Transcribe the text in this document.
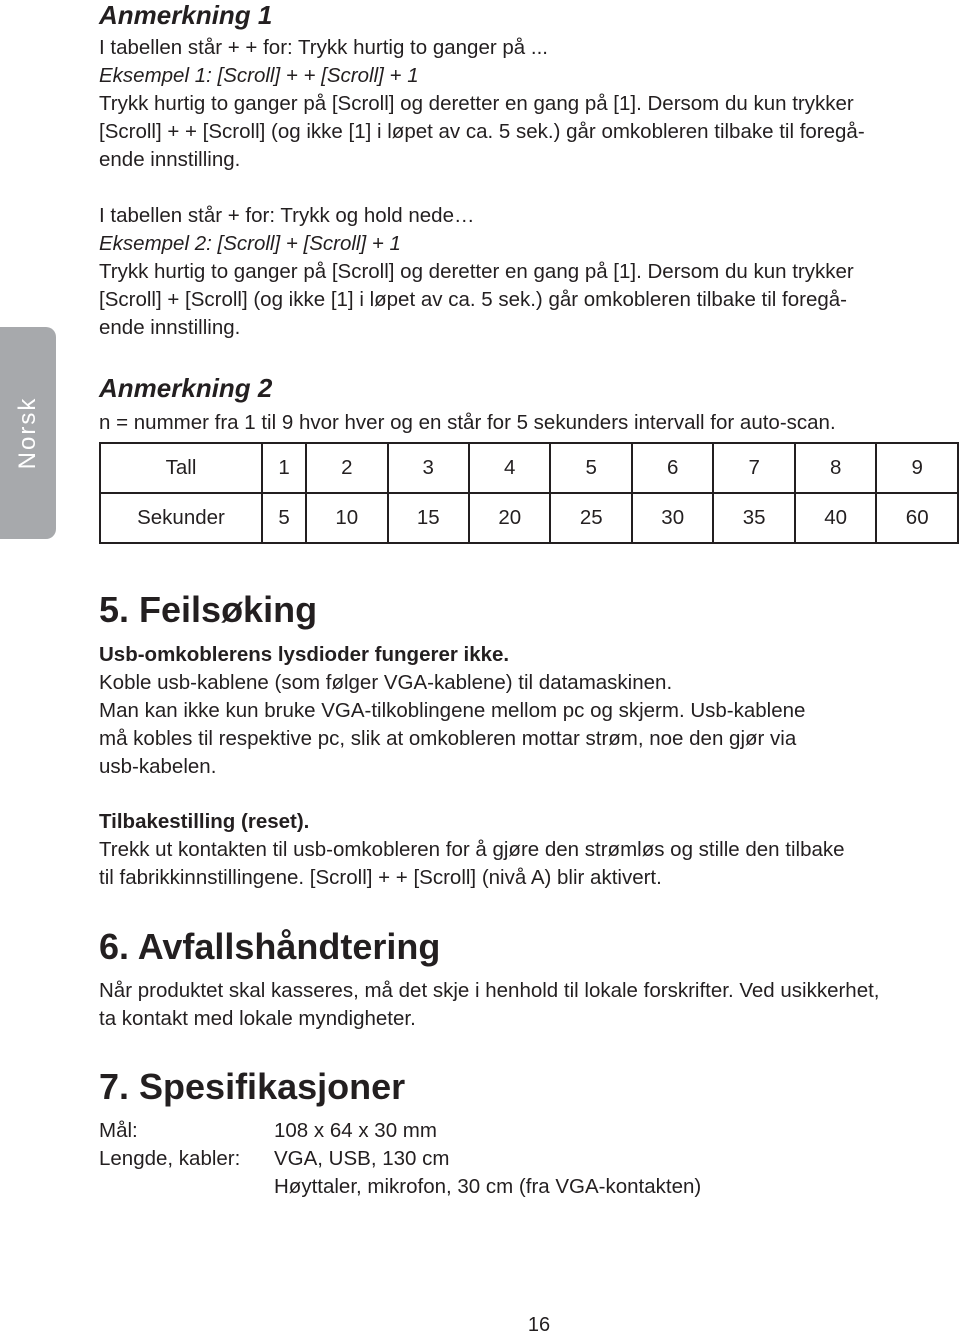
Norsk
Anmerkning 1

I tabellen står + + for: Trykk hurtig to ganger på ...

Eksempel 1: [Scroll] + + [Scroll] + 1

Trykk hurtig to ganger på [Scroll] og deretter en gang på [1]. Dersom du kun trykker

[Scroll] + + [Scroll] (og ikke [1] i løpet av ca. 5 sek.) går omkobleren tilbake til foregå-

ende innstilling.

I tabellen står + for: Trykk og hold nede…

Eksempel 2: [Scroll] + [Scroll] + 1

Trykk hurtig to ganger på [Scroll] og deretter en gang på [1]. Dersom du kun trykker

[Scroll] + [Scroll] (og ikke [1] i løpet av ca. 5 sek.) går omkobleren tilbake til foregå-

ende innstilling.

Anmerkning 2

n = nummer fra 1 til 9 hvor hver og en står for 5 sekunders intervall for auto-scan.

Tall	1	2	3	4	5	6	7	8	9
Sekunder	5	10	15	20	25	30	35	40	60
5. Feilsøking

Usb-omkoblerens lysdioder fungerer ikke.

Koble usb-kablene (som følger VGA-kablene) til datamaskinen.

Man kan ikke kun bruke VGA-tilkoblingene mellom pc og skjerm. Usb-kablene

må kobles til respektive pc, slik at omkobleren mottar strøm, noe den gjør via

usb-kabelen.

Tilbakestilling (reset).

Trekk ut kontakten til usb-omkobleren for å gjøre den strømløs og stille den tilbake

til fabrikkinnstillingene. [Scroll] + + [Scroll] (nivå A) blir aktivert.

6. Avfallshåndtering

Når produktet skal kasseres, må det skje i henhold til lokale forskrifter. Ved usikkerhet,

ta kontakt med lokale myndigheter.

7. Spesifikasjoner
Mål:	108 x 64 x 30 mm
Lengde, kabler: VGA, USB, 130 cm
Høyttaler, mikrofon, 30 cm (fra VGA-kontakten)
16
